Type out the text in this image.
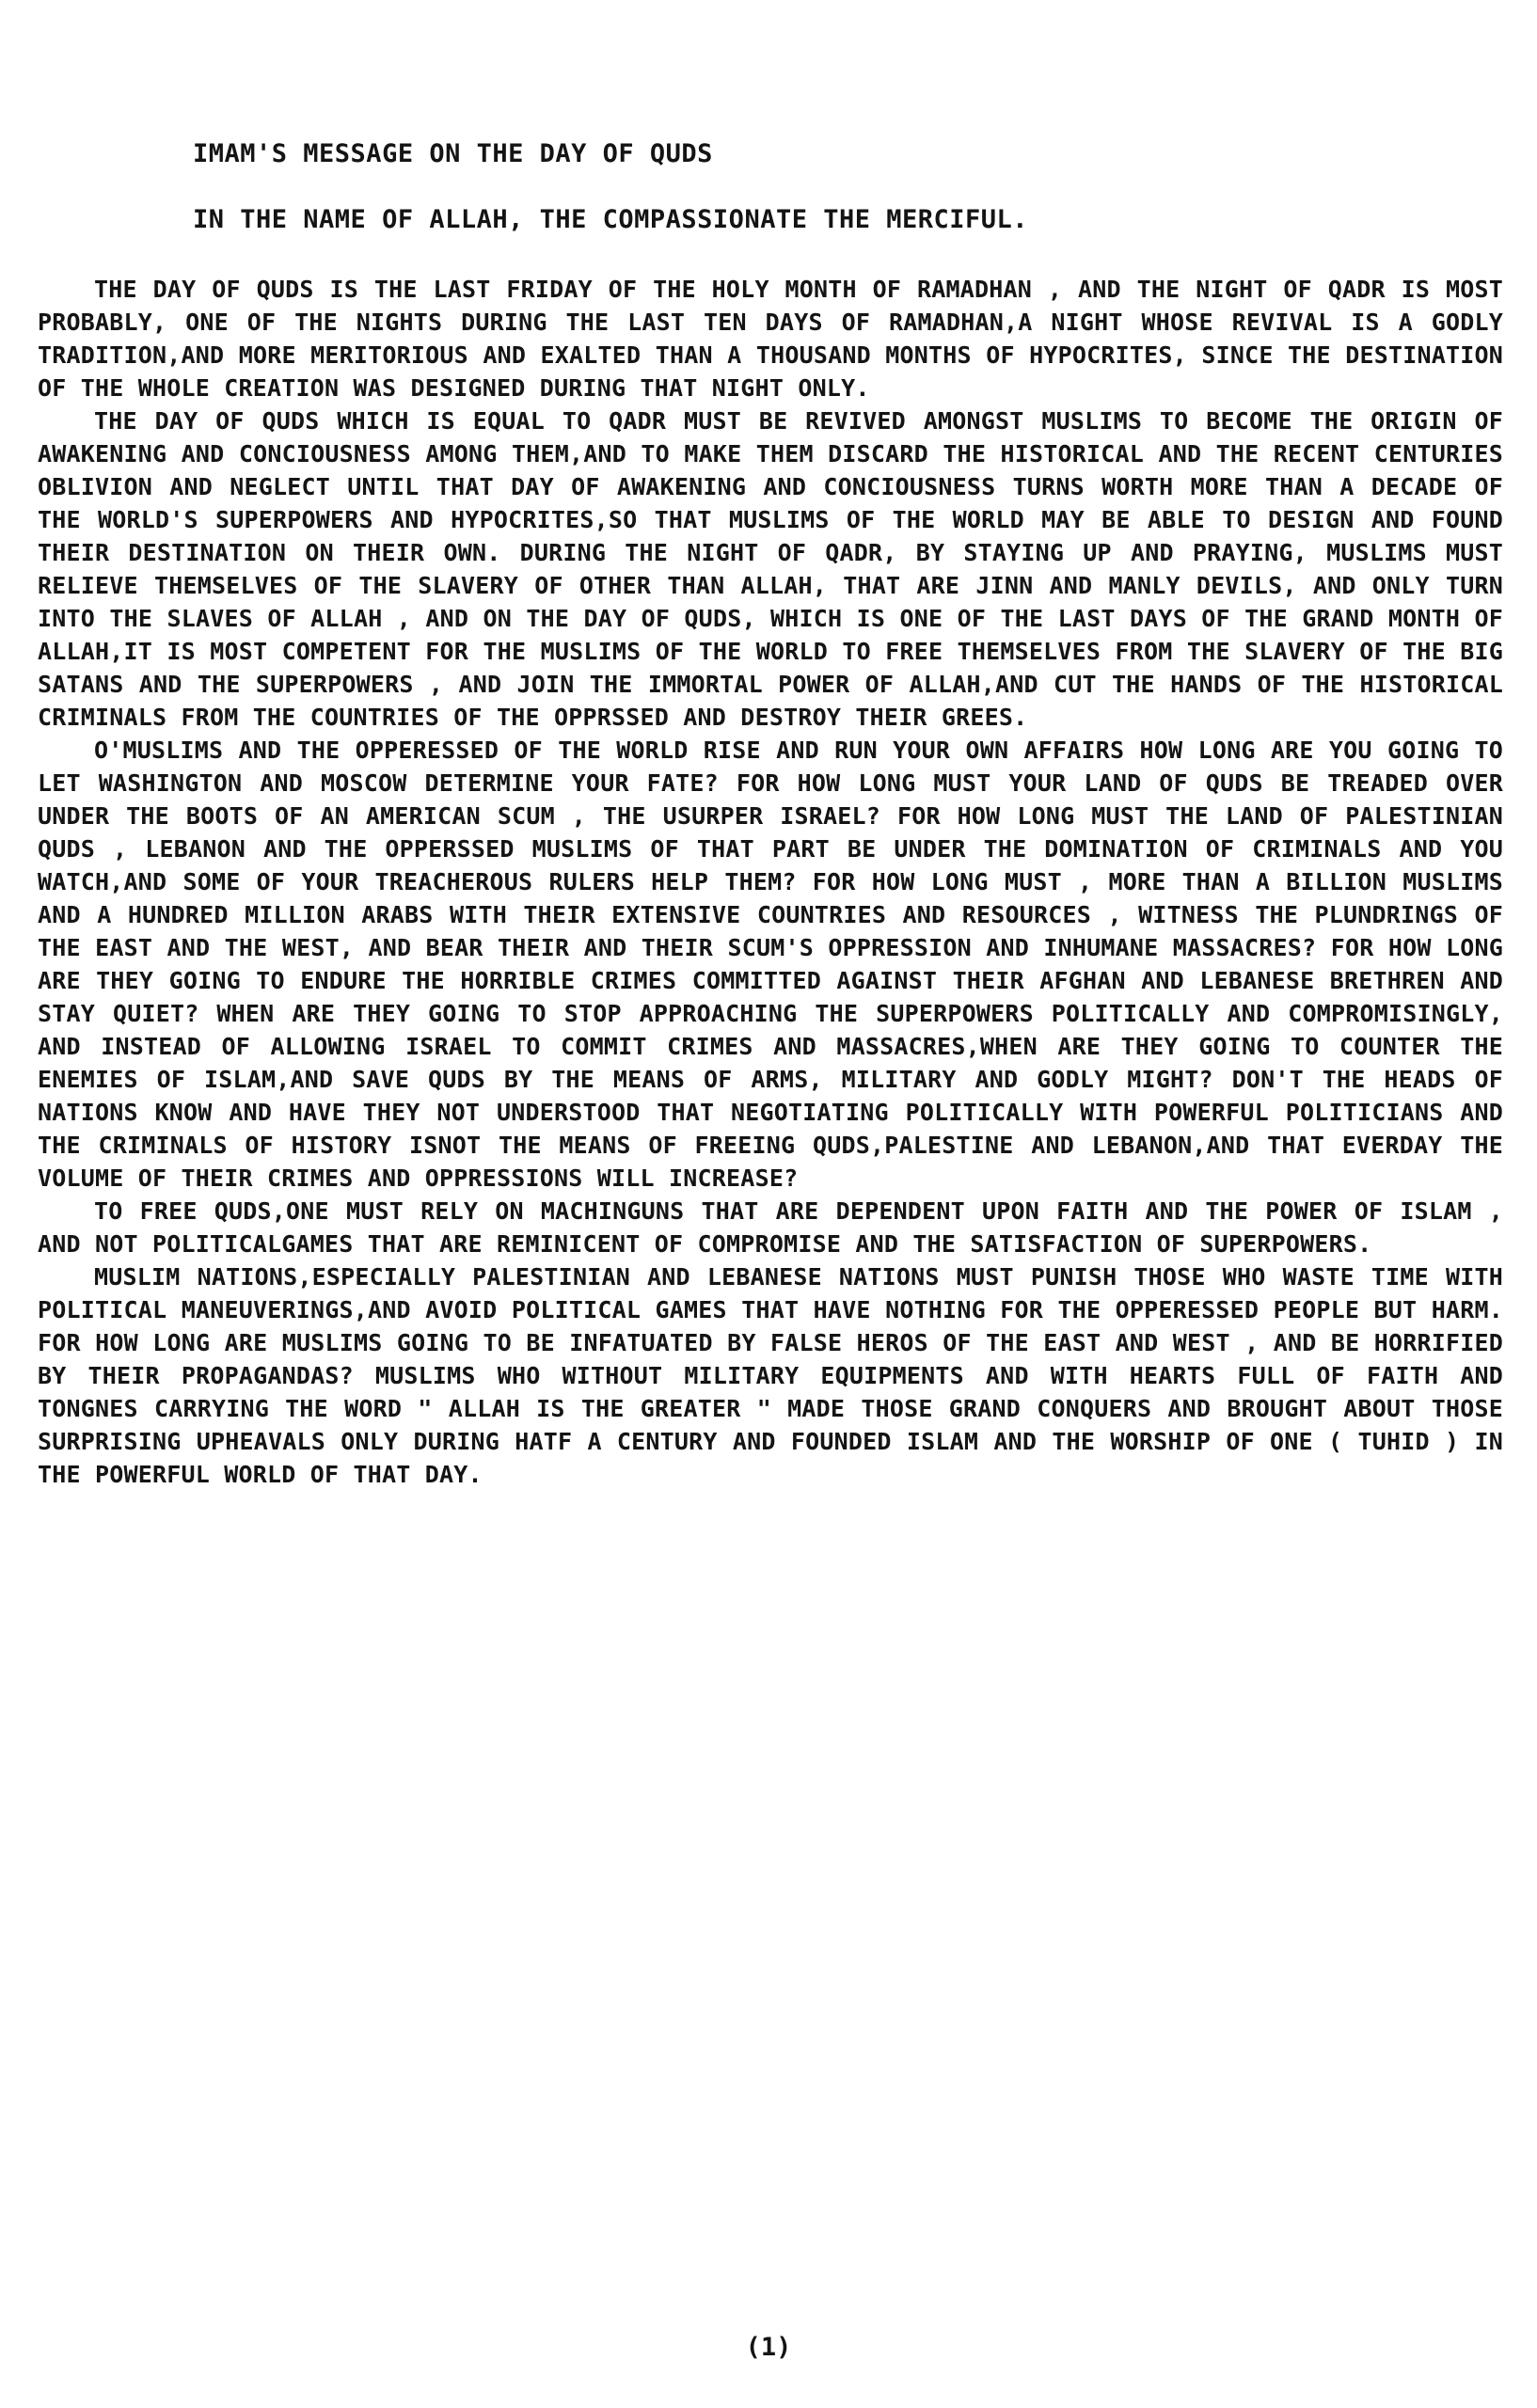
IMAM'S MESSAGE ON THE DAY OF QUDS

IN THE NAME OF ALLAH, THE COMPASSIONATE THE MERCIFUL.

THE DAY OF QUDS IS THE LAST FRIDAY OF THE HOLY MONTH OF RAMADHAN , AND THE NIGHT OF QADR IS MOST PROBABLY, ONE OF THE NIGHTS DURING THE LAST TEN DAYS OF RAMADHAN,A NIGHT WHOSE REVIVAL IS A GODLY TRADITION,AND MORE MERITORIOUS AND EXALTED THAN A THOUSAND MONTHS OF HYPOCRITES, SINCE THE DESTINATION OF THE WHOLE CREATION WAS DESIGNED DURING THAT NIGHT ONLY.

THE DAY OF QUDS WHICH IS EQUAL TO QADR MUST BE REVIVED AMONGST MUSLIMS TO BECOME THE ORIGIN OF AWAKENING AND CONCIOUSNESS AMONG THEM,AND TO MAKE THEM DISCARD THE HISTORICAL AND THE RECENT CENTURIES OBLIVION AND NEGLECT UNTIL THAT DAY OF AWAKENING AND CONCIOUSNESS TURNS WORTH MORE THAN A DECADE OF THE WORLD'S SUPERPOWERS AND HYPOCRITES,SO THAT MUSLIMS OF THE WORLD MAY BE ABLE TO DESIGN AND FOUND THEIR DESTINATION ON THEIR OWN. DURING THE NIGHT OF QADR, BY STAYING UP AND PRAYING, MUSLIMS MUST RELIEVE THEMSELVES OF THE SLAVERY OF OTHER THAN ALLAH, THAT ARE JINN AND MANLY DEVILS, AND ONLY TURN INTO THE SLAVES OF ALLAH , AND ON THE DAY OF QUDS, WHICH IS ONE OF THE LAST DAYS OF THE GRAND MONTH OF ALLAH,IT IS MOST COMPETENT FOR THE MUSLIMS OF THE WORLD TO FREE THEMSELVES FROM THE SLAVERY OF THE BIG SATANS AND THE SUPERPOWERS , AND JOIN THE IMMORTAL POWER OF ALLAH,AND CUT THE HANDS OF THE HISTORICAL CRIMINALS FROM THE COUNTRIES OF THE OPPRSSED AND DESTROY THEIR GREES.

O'MUSLIMS AND THE OPPERESSED OF THE WORLD RISE AND RUN YOUR OWN AFFAIRS HOW LONG ARE YOU GOING TO LET WASHINGTON AND MOSCOW DETERMINE YOUR FATE? FOR HOW LONG MUST YOUR LAND OF QUDS BE TREADED OVER UNDER THE BOOTS OF AN AMERICAN SCUM , THE USURPER ISRAEL? FOR HOW LONG MUST THE LAND OF PALESTINIAN QUDS , LEBANON AND THE OPPERSSED MUSLIMS OF THAT PART BE UNDER THE DOMINATION OF CRIMINALS AND YOU WATCH,AND SOME OF YOUR TREACHEROUS RULERS HELP THEM? FOR HOW LONG MUST , MORE THAN A BILLION MUSLIMS AND A HUNDRED MILLION ARABS WITH THEIR EXTENSIVE COUNTRIES AND RESOURCES , WITNESS THE PLUNDRINGS OF THE EAST AND THE WEST, AND BEAR THEIR AND THEIR SCUM'S OPPRESSION AND INHUMANE MASSACRES? FOR HOW LONG ARE THEY GOING TO ENDURE THE HORRIBLE CRIMES COMMITTED AGAINST THEIR AFGHAN AND LEBANESE BRETHREN AND STAY QUIET? WHEN ARE THEY GOING TO STOP APPROACHING THE SUPERPOWERS POLITICALLY AND COMPROMISINGLY, AND INSTEAD OF ALLOWING ISRAEL TO COMMIT CRIMES AND MASSACRES,WHEN ARE THEY GOING TO COUNTER THE ENEMIES OF ISLAM,AND SAVE QUDS BY THE MEANS OF ARMS, MILITARY AND GODLY MIGHT? DON'T THE HEADS OF NATIONS KNOW AND HAVE THEY NOT UNDERSTOOD THAT NEGOTIATING POLITICALLY WITH POWERFUL POLITICIANS AND THE CRIMINALS OF HISTORY ISNOT THE MEANS OF FREEING QUDS,PALESTINE AND LEBANON,AND THAT EVERDAY THE VOLUME OF THEIR CRIMES AND OPPRESSIONS WILL INCREASE?

TO FREE QUDS,ONE MUST RELY ON MACHINGUNS THAT ARE DEPENDENT UPON FAITH AND THE POWER OF ISLAM , AND NOT POLITICALGAMES THAT ARE REMINICENT OF COMPROMISE AND THE SATISFACTION OF SUPERPOWERS.

MUSLIM NATIONS,ESPECIALLY PALESTINIAN AND LEBANESE NATIONS MUST PUNISH THOSE WHO WASTE TIME WITH POLITICAL MANEUVERINGS,AND AVOID POLITICAL GAMES THAT HAVE NOTHING FOR THE OPPERESSED PEOPLE BUT HARM. FOR HOW LONG ARE MUSLIMS GOING TO BE INFATUATED BY FALSE HEROS OF THE EAST AND WEST , AND BE HORRIFIED BY THEIR PROPAGANDAS? MUSLIMS WHO WITHOUT MILITARY EQUIPMENTS AND WITH HEARTS FULL OF FAITH AND TONGNES CARRYING THE WORD " ALLAH IS THE GREATER " MADE THOSE GRAND CONQUERS AND BROUGHT ABOUT THOSE SURPRISING UPHEAVALS ONLY DURING HATF A CENTURY AND FOUNDED ISLAM AND THE WORSHIP OF ONE ( TUHID ) IN THE POWERFUL WORLD OF THAT DAY.

(1)
